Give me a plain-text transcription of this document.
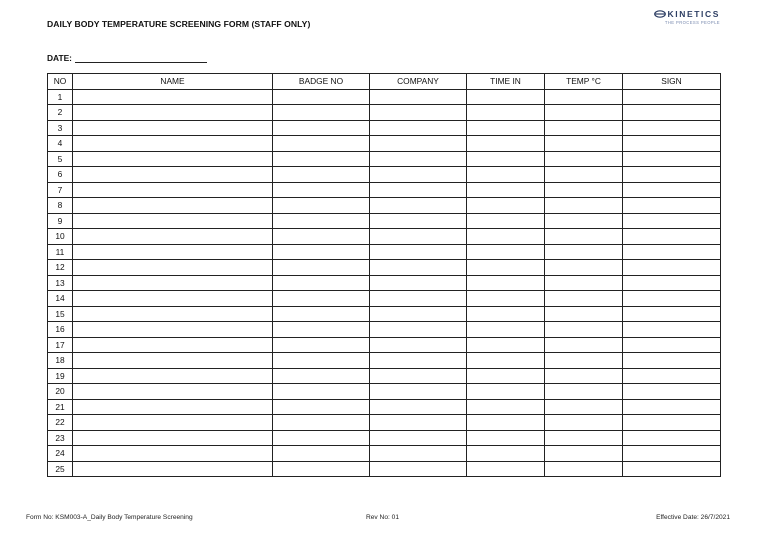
DAILY BODY TEMPERATURE SCREENING FORM (STAFF ONLY)
KINETICS
THE PROCESS PEOPLE
DATE:
NO	NAME	BADGE NO	COMPANY	TIME IN	TEMP °C	SIGN
1						
2						
3						
4						
5						
6						
7						
8						
9						
10						
11						
12						
13						
14						
15						
16						
17						
18						
19						
20						
21						
22						
23						
24						
25						
Form No: KSM003-A_Daily Body Temperature Screening	Rev No: 01	Effective Date: 26/7/2021
